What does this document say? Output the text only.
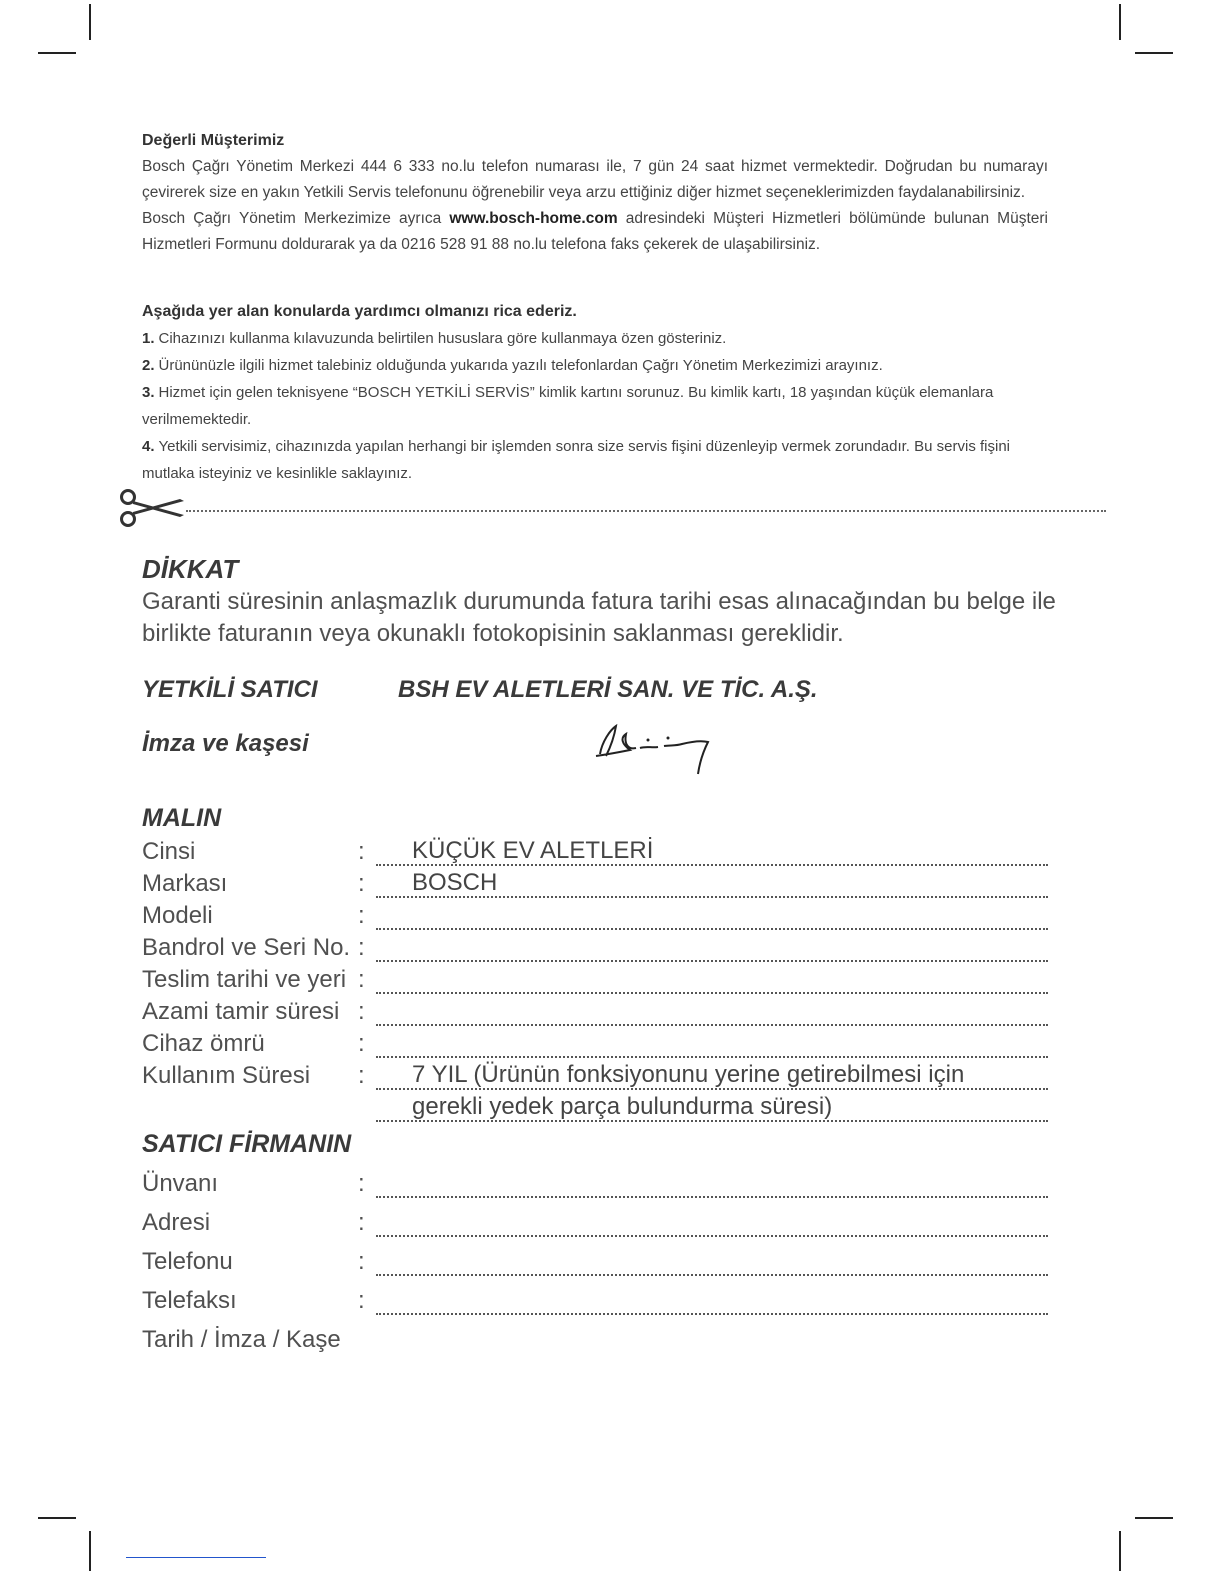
Değerli Müşterimiz

Bosch Çağrı Yönetim Merkezi 444 6 333 no.lu telefon numarası ile, 7 gün 24 saat hizmet vermektedir. Doğrudan bu numarayı çevirerek size en yakın Yetkili Servis telefonunu öğrenebilir veya arzu ettiğiniz diğer hizmet seçeneklerimizden faydalanabilirsiniz.

Bosch Çağrı Yönetim Merkezimize ayrıca www.bosch-home.com adresindeki Müşteri Hizmetleri bölümünde bulunan Müşteri Hizmetleri Formunu doldurarak ya da 0216 528 91 88 no.lu telefona faks çekerek de ulaşabilirsiniz.

Aşağıda yer alan konularda yardımcı olmanızı rica ederiz.

1. Cihazınızı kullanma kılavuzunda belirtilen hususlara göre kullanmaya özen gösteriniz.

2. Ürününüzle ilgili hizmet talebiniz olduğunda yukarıda yazılı telefonlardan Çağrı Yönetim Merkezimizi arayınız.

3. Hizmet için gelen teknisyene “BOSCH YETKİLİ SERVİS” kimlik kartını sorunuz. Bu kimlik kartı, 18 yaşından küçük elemanlara verilmemektedir.

4. Yetkili servisimiz, cihazınızda yapılan herhangi bir işlemden sonra size servis fişini düzenleyip vermek zorundadır. Bu servis fişini mutlaka isteyiniz ve kesinlikle saklayınız.

DİKKAT
Garanti süresinin anlaşmazlık durumunda fatura tarihi esas alınacağından bu belge ile birlikte faturanın veya okunaklı fotokopisinin saklanması gereklidir.
YETKİLİ SATICI	BSH EV ALETLERİ SAN. VE TİC. A.Ş.
İmza ve kaşesi
MALIN
Cinsi	: KÜÇÜK EV ALETLERİ
Markası	: BOSCH
Modeli	:
Bandrol ve Seri No. :
Teslim tarihi ve yeri :
Azami tamir süresi :
Cihaz ömrü	:
Kullanım Süresi : 7 YIL (Ürünün fonksiyonunu yerine getirebilmesi için
gerekli yedek parça bulundurma süresi)
SATICI FİRMANIN
Ünvanı	:
Adresi	:
Telefonu	:
Telefaksı	:
Tarih / İmza / Kaşe
